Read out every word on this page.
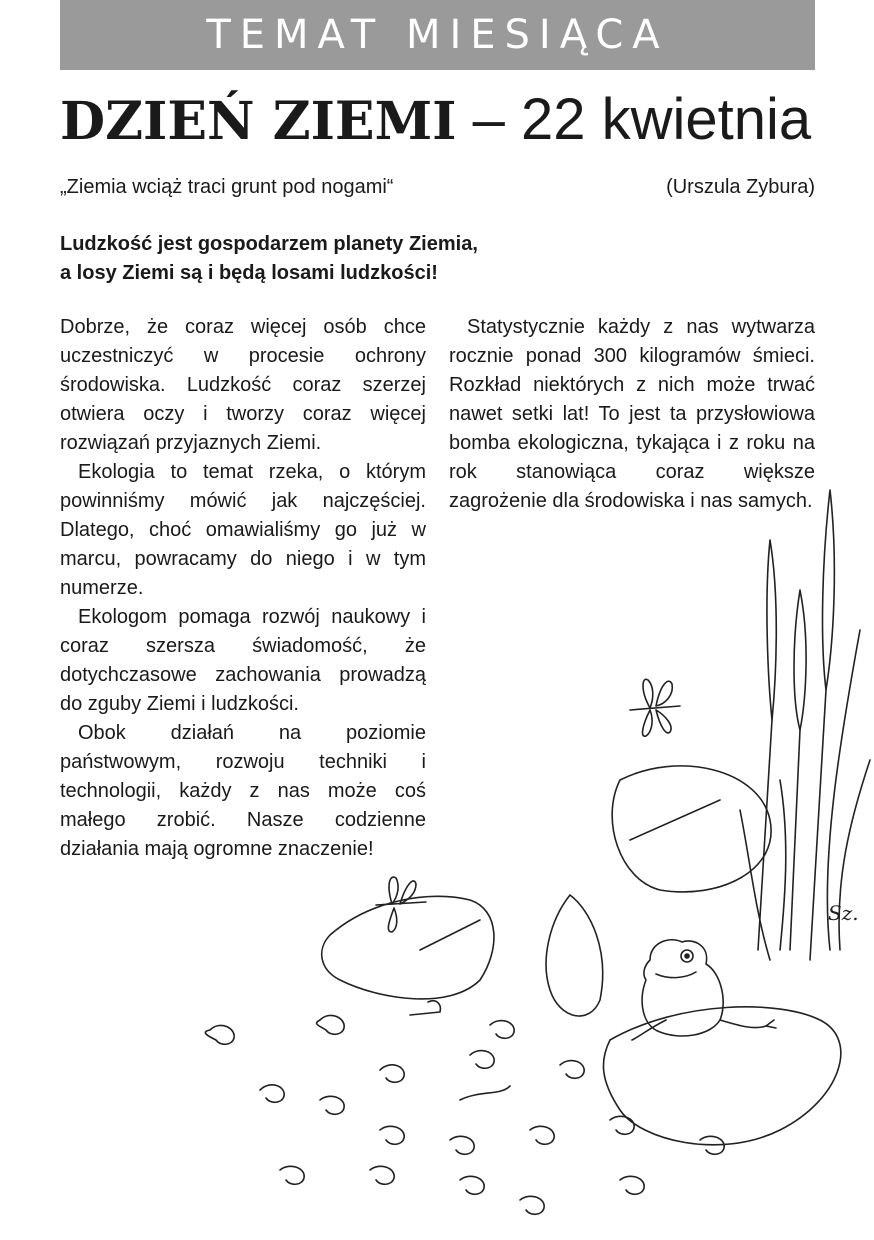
TEMAT MIESIĄCA
DZIEŃ ZIEMI – 22 kwietnia
„Ziemia wciąż traci grunt pod nogami“	(Urszula Zybura)
Ludzkość jest gospodarzem planety Ziemia,
a losy Ziemi są i będą losami ludzkości!

Dobrze, że coraz więcej osób chce uczestniczyć w procesie ochrony środowiska. Ludzkość coraz szerzej otwiera oczy i tworzy coraz więcej rozwiązań przyjaznych Ziemi.

Ekologia to temat rzeka, o którym powinniśmy mówić jak najczęściej. Dlatego, choć omawialiśmy go już w marcu, powracamy do niego i w tym numerze.

Ekologom pomaga rozwój naukowy i coraz szersza świadomość, że dotychczasowe zachowania prowadzą do zguby Ziemi i ludzkości.

Obok działań na poziomie państwowym, rozwoju techniki i technologii, każdy z nas może coś małego zrobić. Nasze codzienne działania mają ogromne znaczenie!

Statystycznie każdy z nas wytwarza rocznie ponad 300 kilogramów śmieci. Rozkład niektórych z nich może trwać nawet setki lat! To jest ta przysłowiowa bomba ekologiczna, tykająca i z roku na rok stanowiąca coraz większe zagrożenie dla środowiska i nas samych.

Sz.
